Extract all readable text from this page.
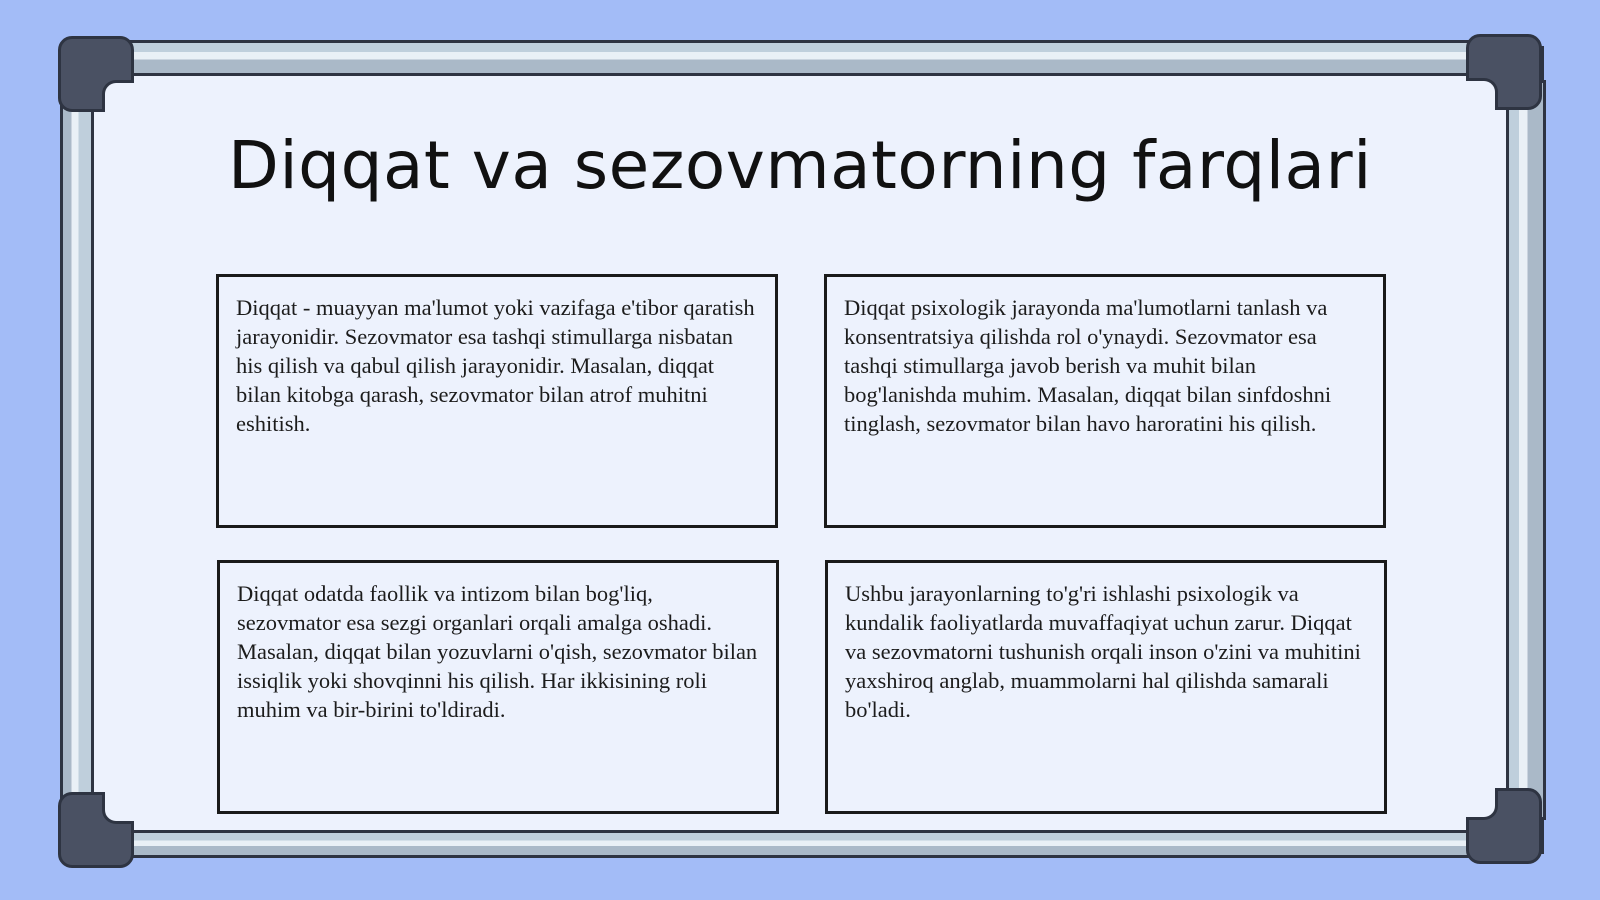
Diqqat va sezovmatorning farqlari
Diqqat - muayyan ma'lumot yoki vazifaga e'tibor qaratish jarayonidir. Sezovmator esa tashqi stimullarga nisbatan his qilish va qabul qilish jarayonidir. Masalan, diqqat bilan kitobga qarash, sezovmator bilan atrof muhitni eshitish.
Diqqat psixologik jarayonda ma'lumotlarni tanlash va konsentratsiya qilishda rol o'ynaydi. Sezovmator esa tashqi stimullarga javob berish va muhit bilan bog'lanishda muhim. Masalan, diqqat bilan sinfdoshni tinglash, sezovmator bilan havo haroratini his qilish.
Diqqat odatda faollik va intizom bilan bog'liq, sezovmator esa sezgi organlari orqali amalga oshadi. Masalan, diqqat bilan yozuvlarni o'qish, sezovmator bilan issiqlik yoki shovqinni his qilish. Har ikkisining roli muhim va bir-birini to'ldiradi.
Ushbu jarayonlarning to'g'ri ishlashi psixologik va kundalik faoliyatlarda muvaffaqiyat uchun zarur. Diqqat va sezovmatorni tushunish orqali inson o'zini va muhitini yaxshiroq anglab, muammolarni hal qilishda samarali bo'ladi.
